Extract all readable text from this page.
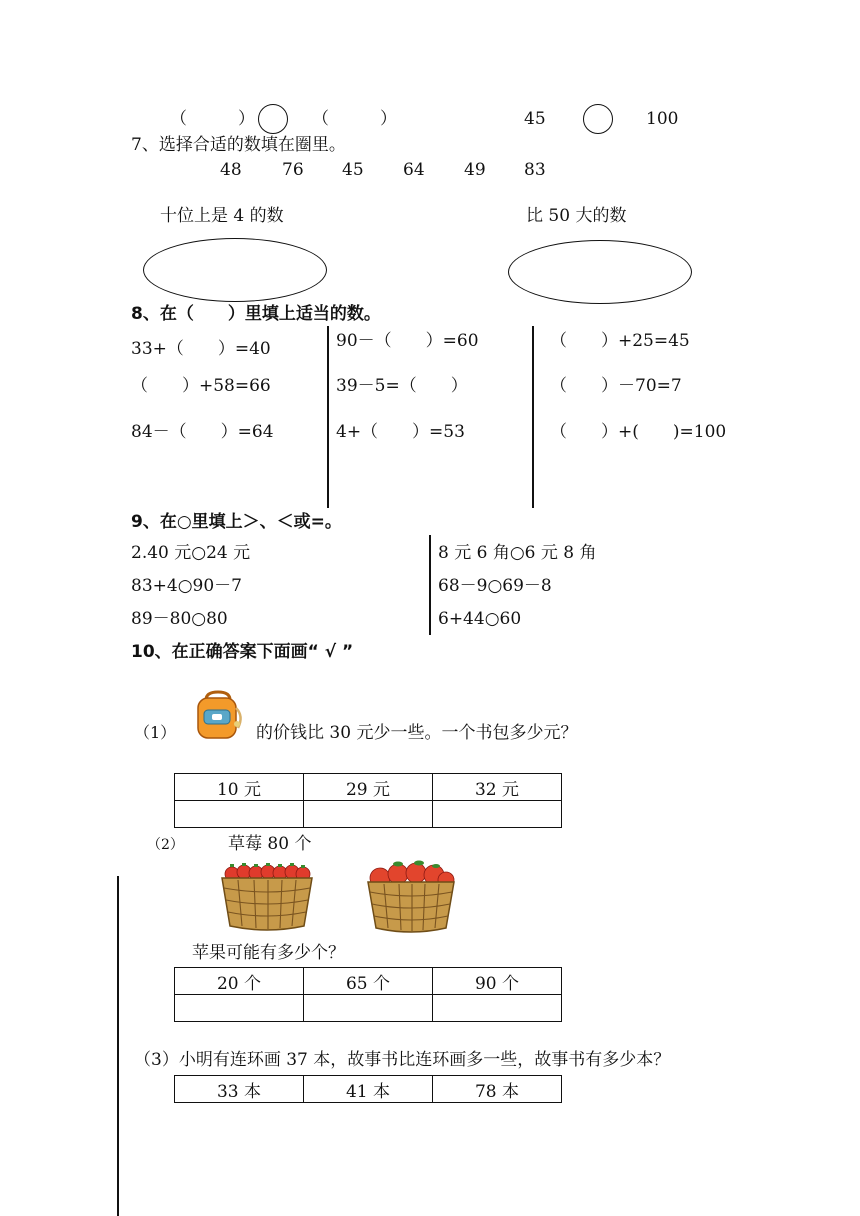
（　　　）	（　　　）	45	100
7、选择合适的数填在圈里。
48 76 45 64 49 83
十位上是 4 的数	比 50 大的数
8、在（　　）里填上适当的数。
33+（　　）=40
（　　）+58=66
84－（　　）=64
90－（　　）=60
39－5=（　　）
4+（　　）=53
（　　）+25=45
（　　）－70=7
（　　）+(　　)=100
9、在○里填上＞、＜或=。
2.40 元○24 元
83+4○90－7
89－80○80
8 元 6 角○6 元 8 角
68－9○69－8
6+44○60
10、在正确答案下面画“ √ ”
（1）	的价钱比 30 元少一些。一个书包多少元？
10 元	29 元	32 元

（2）	草莓 80 个
苹果可能有多少个？
20 个	65 个	90 个

（3）小明有连环画 37 本，故事书比连环画多一些，故事书有多少本？
33 本	41 本	78 本
